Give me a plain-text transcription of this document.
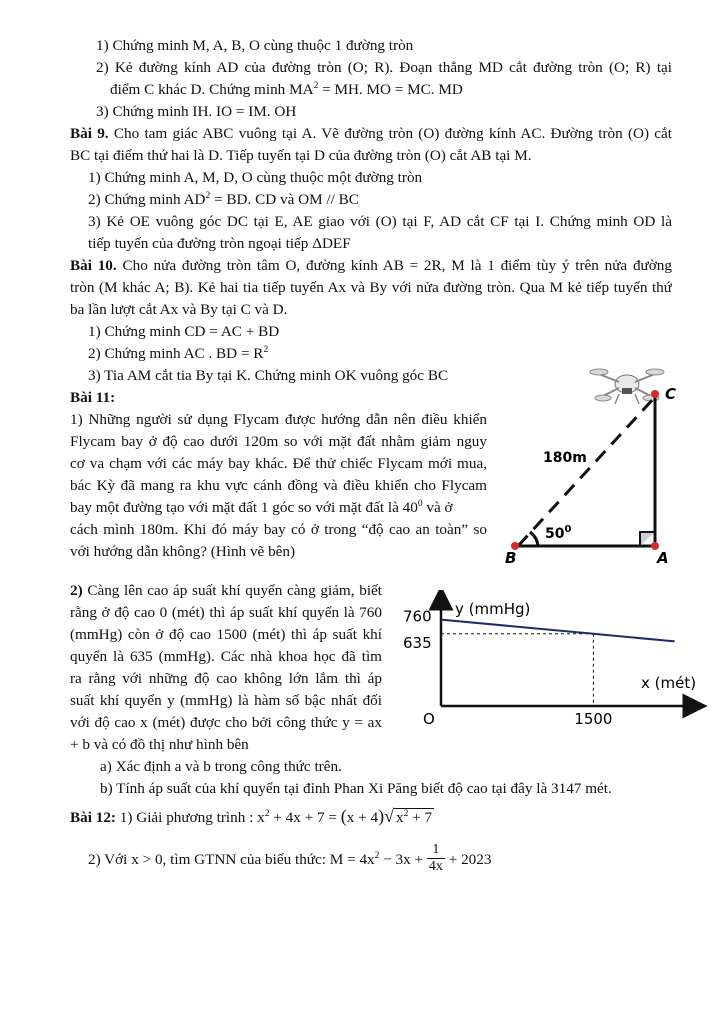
1) Chứng minh M, A, B, O cùng thuộc 1 đường tròn
2) Kẻ đường kính AD của đường tròn (O; R). Đoạn thẳng MD cắt đường tròn (O; R) tại
điểm C khác D. Chứng minh $MA^2$ = MH. MO = MC. MD
3) Chứng minh IH. IO = IM. OH
Bài 9. Cho tam giác ABC vuông tại A. Vẽ đường tròn (O) đường kính AC. Đường tròn (O) cắt
BC tại điểm thứ hai là D. Tiếp tuyến tại D của đường tròn (O) cắt AB tại M.
1) Chứng minh A, M, D, O cùng thuộc một đường tròn
2) Chứng minh $AD^2$ = BD. CD và OM // BC
3) Kẻ OE vuông góc DC tại E, AE giao với (O) tại F, AD cắt CF tại I. Chứng minh OD là
tiếp tuyến của đường tròn ngoại tiếp ΔDEF
Bài 10. Cho nửa đường tròn tâm O, đường kính AB = 2R, M là 1 điểm tùy ý trên nửa đường
tròn (M khác A; B). Kẻ hai tia tiếp tuyến Ax và By với nửa đường tròn. Qua M kẻ tiếp tuyến thứ
ba lần lượt cắt Ax và By tại C và D.
1) Chứng minh CD = AC + BD
2) Chứng minh AC . BD = $R^2$
3) Tia AM cắt tia By tại K. Chứng minh OK vuông góc BC
Bài 11:
1) Những người sử dụng Flycam được hướng dẫn nên điều khiển
Flycam bay ở độ cao dưới 120m so với mặt đất nhằm giảm nguy
cơ va chạm với các máy bay khác. Để thử chiếc Flycam mới mua,
bác Kỳ đã mang ra khu vực cánh đồng và điều khiển cho Flycam
bay một đường tạo với mặt đất 1 góc so với mặt đất là $40^0$ và ở
cách mình 180m. Khi đó máy bay có ở trong “độ cao an toàn” so
với hướng dẫn không? (Hình vẽ bên)
C
B	A
180m
$50^0$
2) Càng lên cao áp suất khí quyển càng giảm, biết
rằng ở độ cao 0 (mét) thì áp suất khí quyển là 760
(mmHg) còn ở độ cao 1500 (mét) thì áp suất khí
quyển là 635 (mmHg). Các nhà khoa học đã tìm
ra rằng với những độ cao không lớn lắm thì áp
suất khí quyển y (mmHg) là hàm số bậc nhất đối
với độ cao x (mét) được cho bởi công thức y = ax
+ b và có đồ thị như hình bên
y (mmHg)
x (mét)
O
760
635
1500
a) Xác định a và b trong công thức trên.
b) Tính áp suất của khí quyển tại đỉnh Phan Xi Păng biết độ cao tại đây là 3147 mét.
Bài 12: 1) Giải phương trình : $x^2 + 4x + 7 = (x + 4)√$ $x^2 + 7$
2) Với x > 0, tìm GTNN của biểu thức: $M = 4x^2 - 3x + \frac{1}{4x} + 2023$
